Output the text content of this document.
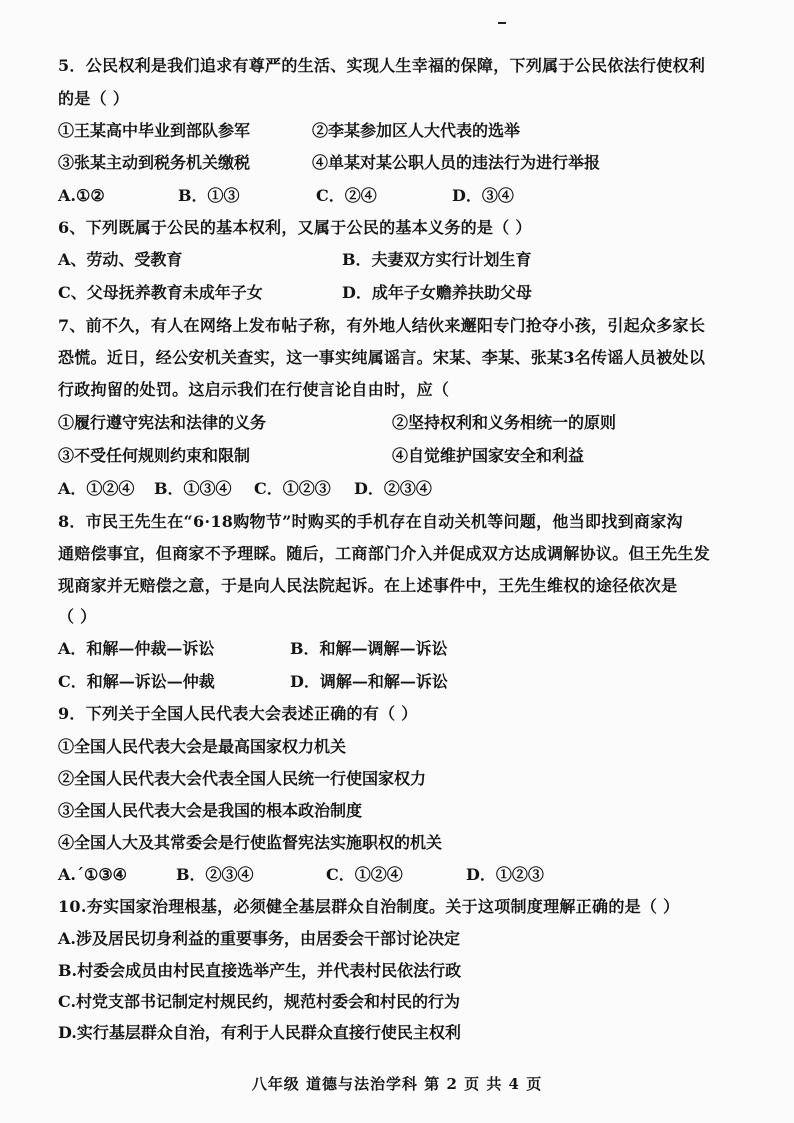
5．公民权利是我们追求有尊严的生活、实现人生幸福的保障，下列属于公民依法行使权利
的是（ ）
①王某高中毕业到部队参军	②李某参加区人大代表的选举
③张某主动到税务机关缴税	④单某对某公职人员的违法行为进行举报
A.①②	B．①③	C．②④	D．③④
6、下列既属于公民的基本权利，又属于公民的基本义务的是（ ）
A、劳动、受教育	B．夫妻双方实行计划生育
C、父母抚养教育未成年子女	D．成年子女赡养扶助父母
7、前不久，有人在网络上发布帖子称，有外地人结伙来邂阳专门抢夺小孩，引起众多家长
恐慌。近日，经公安机关查实，这一事实纯属谣言。宋某、李某、张某3名传谣人员被处以
行政拘留的处罚。这启示我们在行使言论自由时，应（
①履行遵守宪法和法律的义务	②坚持权利和义务相统一的原则
③不受任何规则约束和限制	④自觉维护国家安全和利益
A．①②④ B．①③④ C．①②③ D．②③④
8．市民王先生在“6·18购物节”时购买的手机存在自动关机等问题，他当即找到商家沟
通赔偿事宜，但商家不予理睬。随后，工商部门介入并促成双方达成调解协议。但王先生发
现商家并无赔偿之意，于是向人民法院起诉。在上述事件中，王先生维权的途径依次是
（ ）
A．和解—仲裁—诉讼	B．和解—调解—诉讼
C．和解—诉讼—仲裁	D．调解—和解—诉讼
9．下列关于全国人民代表大会表述正确的有（ ）
①全国人民代表大会是最高国家权力机关
②全国人民代表大会代表全国人民统一行使国家权力
③全国人民代表大会是我国的根本政治制度
④全国人大及其常委会是行使监督宪法实施职权的机关
A.´①③④	B．②③④	C．①②④	D．①②③
10.夯实国家治理根基，必须健全基层群众自治制度。关于这项制度理解正确的是（ ）
A.涉及居民切身利益的重要事务，由居委会干部讨论决定
B.村委会成员由村民直接选举产生，并代表村民依法行政
C.村党支部书记制定村规民约，规范村委会和村民的行为
D.实行基层群众自治，有利于人民群众直接行使民主权利
八年级 道德与法治学科 第 2 页 共 4 页
